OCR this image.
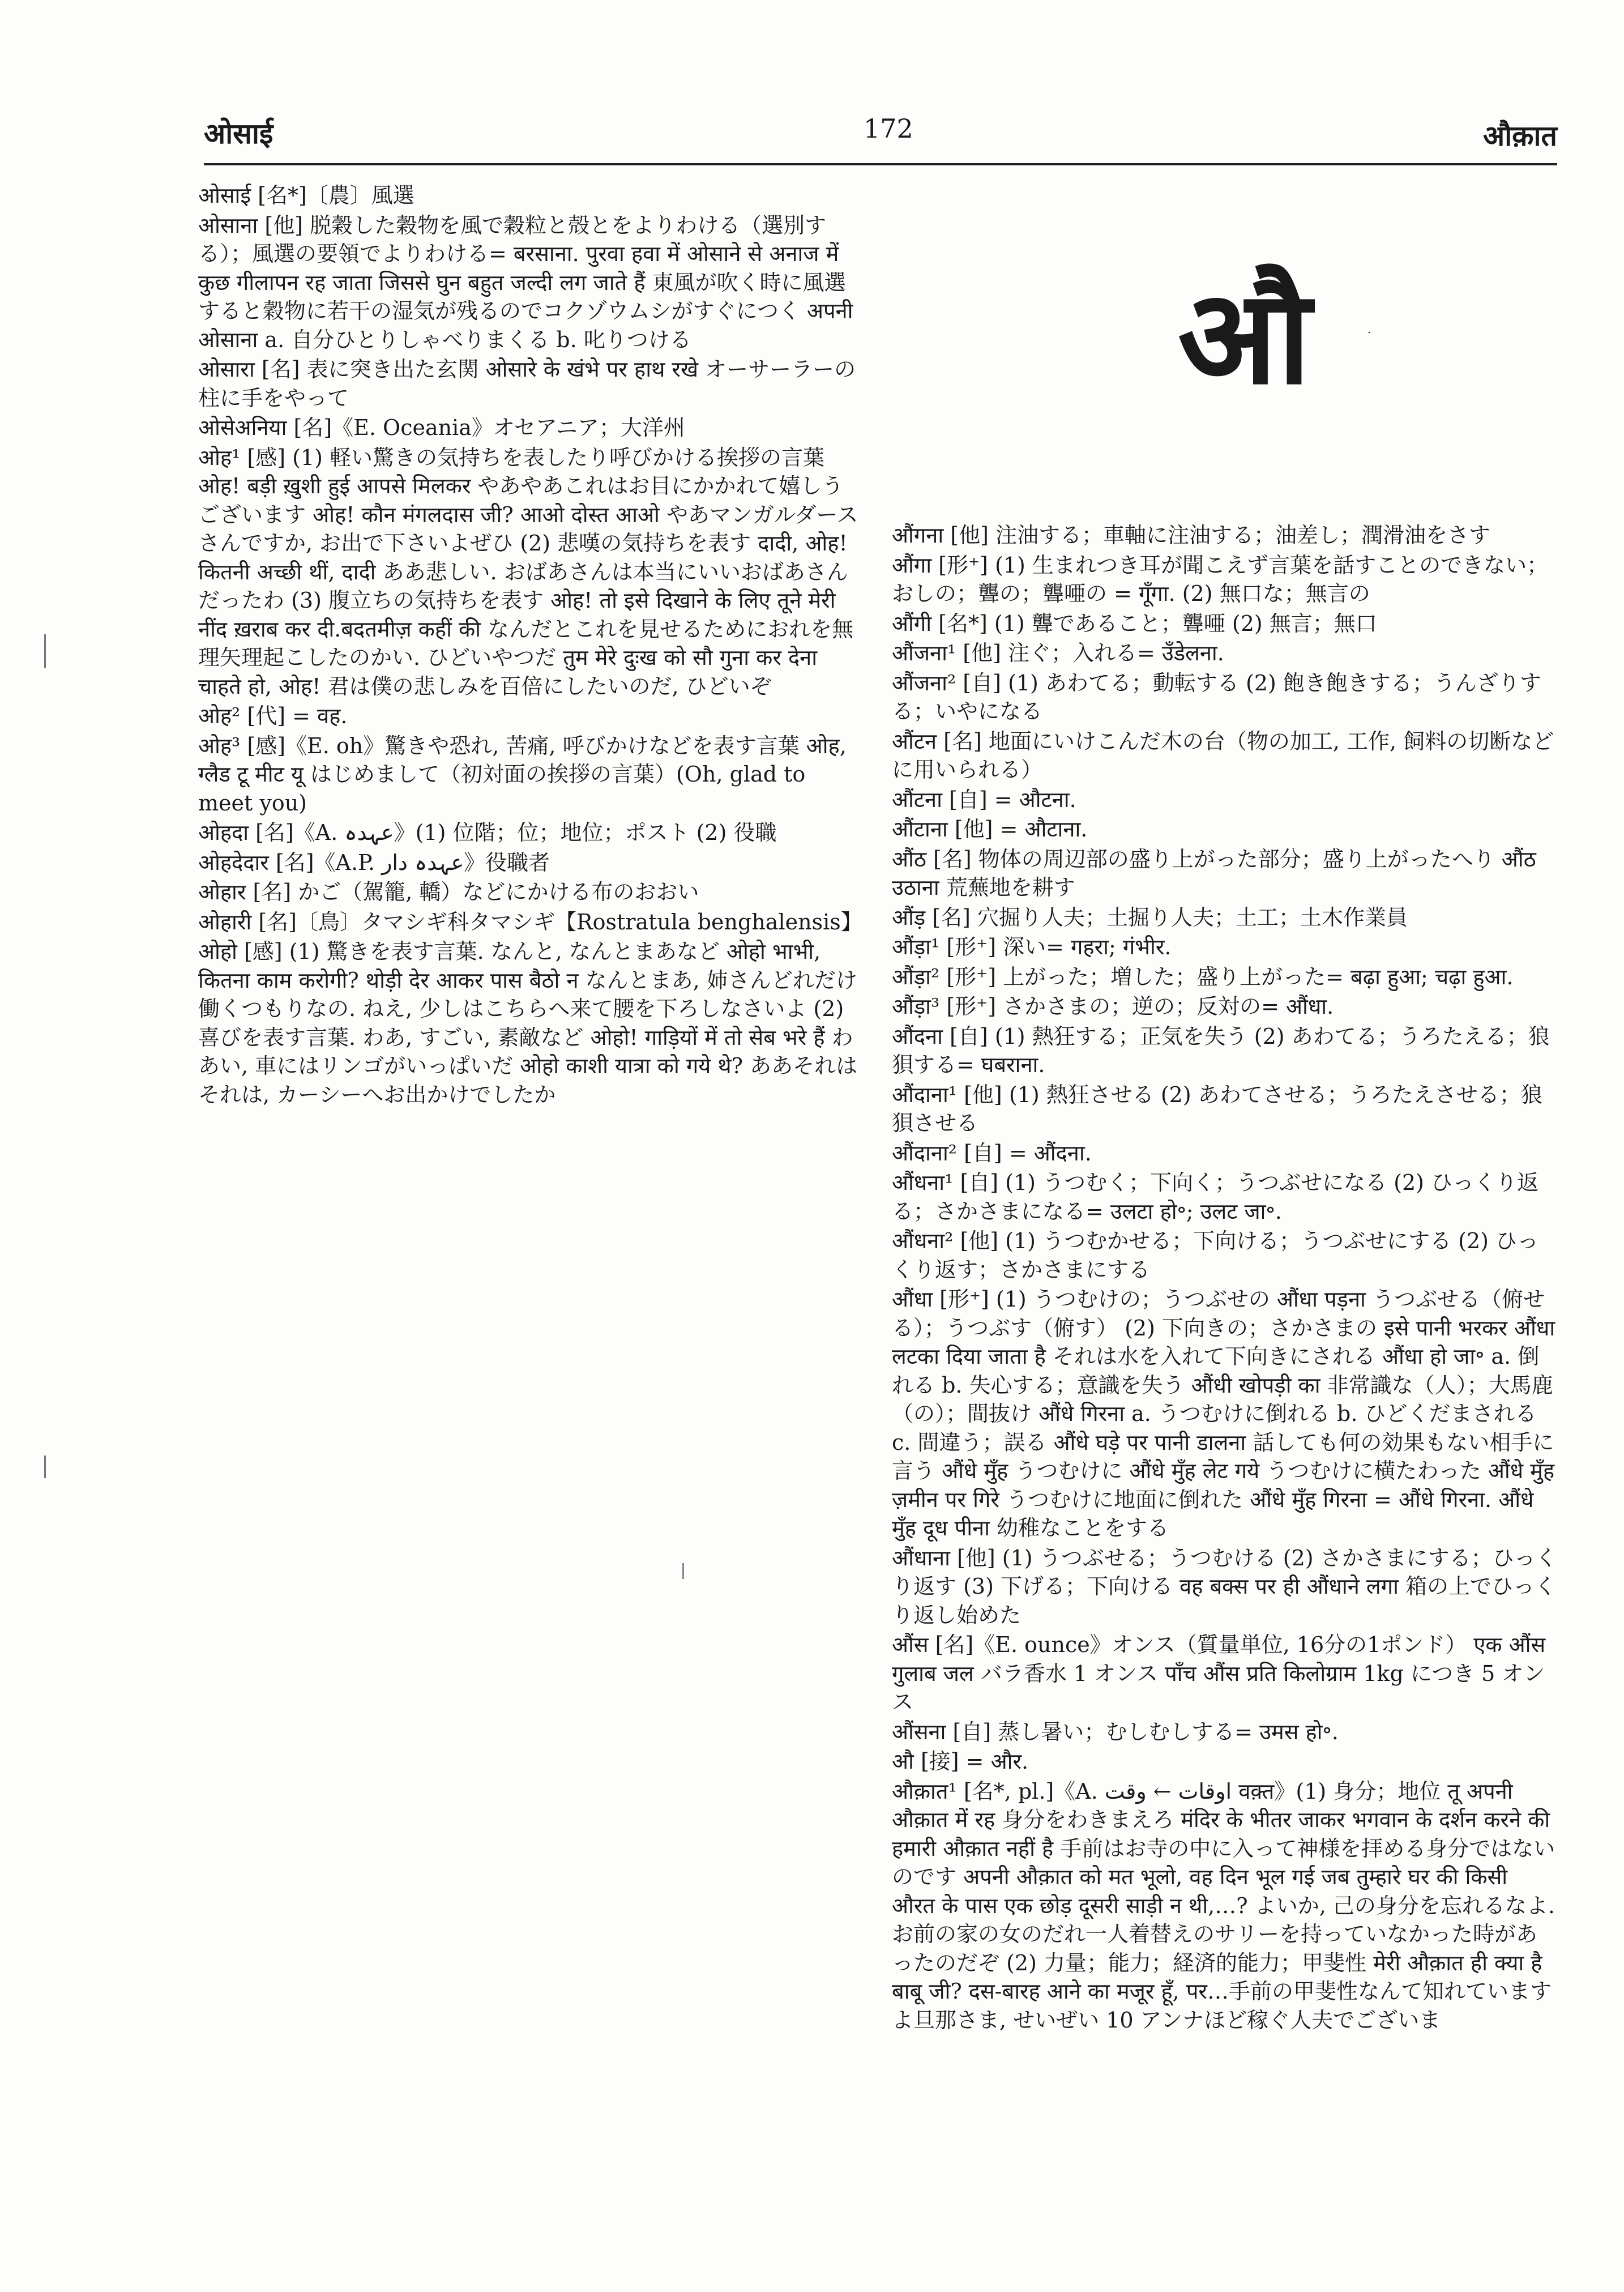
ओसाई	172	औक़ात

ओसाई [名*]〔農〕風選

ओसाना [他] 脱穀した穀物を風で穀粒と殻とをよりわける（選別する）；風選の要領でよりわける= बरसाना. पुरवा हवा में ओसाने से अनाज में कुछ गीलापन रह जाता जिससे घुन बहुत जल्दी लग जाते हैं 東風が吹く時に風選すると穀物に若干の湿気が残るのでコクゾウムシがすぐにつく अपनी ओसाना a. 自分ひとりしゃべりまくる b. 叱りつける

ओसारा [名] 表に突き出た玄関 ओसारे के खंभे पर हाथ रखे オーサーラーの柱に手をやって

ओसेअनिया [名]《E. Oceania》オセアニア；大洋州

ओह¹ [感] (1) 軽い驚きの気持ちを表したり呼びかける挨拶の言葉 ओह! बड़ी ख़ुशी हुई आपसे मिलकर やあやあこれはお目にかかれて嬉しうございます ओह! कौन मंगलदास जी? आओ दोस्त आओ やあマンガルダースさんですか, お出で下さいよぜひ (2) 悲嘆の気持ちを表す दादी, ओह! कितनी अच्छी थीं, दादी ああ悲しい. おばあさんは本当にいいおばあさんだったわ (3) 腹立ちの気持ちを表す ओह! तो इसे दिखाने के लिए तूने मेरी नींद ख़राब कर दी.बदतमीज़ कहीं की なんだとこれを見せるためにおれを無理矢理起こしたのかい. ひどいやつだ तुम मेरे दुःख को सौ गुना कर देना चाहते हो, ओह! 君は僕の悲しみを百倍にしたいのだ, ひどいぞ

ओह² [代] = वह.

ओह³ [感]《E. oh》驚きや恐れ, 苦痛, 呼びかけなどを表す言葉 ओह, ग्लैड टू मीट यू はじめまして（初対面の挨拶の言葉）(Oh, glad to meet you)

ओहदा [名]《A. عہدہ》(1) 位階；位；地位；ポスト (2) 役職

ओहदेदार [名]《A.P. عہدہ دار》役職者

ओहार [名] かご（駕籠, 轎）などにかける布のおおい

ओहारी [名]〔鳥〕タマシギ科タマシギ【Rostratula benghalensis】

ओहो [感] (1) 驚きを表す言葉. なんと, なんとまあなど ओहो भाभी, कितना काम करोगी? थोड़ी देर आकर पास बैठो न なんとまあ, 姉さんどれだけ働くつもりなの. ねえ, 少しはこちらへ来て腰を下ろしなさいよ (2) 喜びを表す言葉. わあ, すごい, 素敵など ओहो! गाड़ियों में तो सेब भरे हैं わあい, 車にはリンゴがいっぱいだ ओहो काशी यात्रा को गये थे? ああそれはそれは, カーシーへお出かけでしたか

औ	·

औंगना [他] 注油する；車軸に注油する；油差し；潤滑油をさす

औंगा [形⁺] (1) 生まれつき耳が聞こえず言葉を話すことのできない；おしの；聾の；聾唖の = गूँगा. (2) 無口な；無言の

औंगी [名*] (1) 聾であること；聾唖 (2) 無言；無口

औंजना¹ [他] 注ぐ；入れる= उँडेलना.

औंजना² [自] (1) あわてる；動転する (2) 飽き飽きする；うんざりする；いやになる

औंटन [名] 地面にいけこんだ木の台（物の加工, 工作, 飼料の切断などに用いられる）

औंटना [自] = औटना.

औंटाना [他] = औटाना.

औंठ [名] 物体の周辺部の盛り上がった部分；盛り上がったへり औंठ उठाना 荒蕪地を耕す

औंड़ [名] 穴掘り人夫；土掘り人夫；土工；土木作業員

औंड़ा¹ [形⁺] 深い= गहरा; गंभीर.

औंड़ा² [形⁺] 上がった；増した；盛り上がった= बढ़ा हुआ; चढ़ा हुआ.

औंड़ा³ [形⁺] さかさまの；逆の；反対の= औंधा.

औंदना [自] (1) 熱狂する；正気を失う (2) あわてる；うろたえる；狼狽する= घबराना.

औंदाना¹ [他] (1) 熱狂させる (2) あわてさせる；うろたえさせる；狼狽させる

औंदाना² [自] = औंदना.

औंधना¹ [自] (1) うつむく；下向く；うつぶせになる (2) ひっくり返る；さかさまになる= उलटा हो॰; उलट जा॰.

औंधना² [他] (1) うつむかせる；下向ける；うつぶせにする (2) ひっくり返す；さかさまにする

औंधा [形⁺] (1) うつむけの；うつぶせの औंधा पड़ना うつぶせる（俯せる）；うつぶす（俯す） (2) 下向きの；さかさまの इसे पानी भरकर औंधा लटका दिया जाता है それは水を入れて下向きにされる औंधा हो जा॰ a. 倒れる b. 失心する；意識を失う औंधी खोपड़ी का 非常識な（人）；大馬鹿（の）；間抜け औंधे गिरना a. うつむけに倒れる b. ひどくだまされる c. 間違う；誤る औंधे घड़े पर पानी डालना 話しても何の効果もない相手に言う औंधे मुँह うつむけに औंधे मुँह लेट गये うつむけに横たわった औंधे मुँह ज़मीन पर गिरे うつむけに地面に倒れた औंधे मुँह गिरना = औंधे गिरना. औंधे मुँह दूध पीना 幼稚なことをする

औंधाना [他] (1) うつぶせる；うつむける (2) さかさまにする；ひっくり返す (3) 下げる；下向ける वह बक्स पर ही औंधाने लगा 箱の上でひっくり返し始めた

औंस [名]《E. ounce》オンス（質量単位, 16分の1ポンド） एक औंस गुलाब जल バラ香水 1 オンス पाँच औंस प्रति किलोग्राम 1kg につき 5 オンス

औंसना [自] 蒸し暑い；むしむしする= उमस हो॰.

औ [接] = और.

औक़ात¹ [名*, pl.]《A. اوقات ← وقت वक़्त》(1) 身分；地位 तू अपनी औक़ात में रह 身分をわきまえろ मंदिर के भीतर जाकर भगवान के दर्शन करने की हमारी औक़ात नहीं है 手前はお寺の中に入って神様を拝める身分ではないのです अपनी औक़ात को मत भूलो, वह दिन भूल गई जब तुम्हारे घर की किसी औरत के पास एक छोड़ दूसरी साड़ी न थी,…? よいか, 己の身分を忘れるなよ. お前の家の女のだれ一人着替えのサリーを持っていなかった時があったのだぞ (2) 力量；能力；経済的能力；甲斐性 मेरी औक़ात ही क्या है बाबू जी? दस-बारह आने का मजूर हूँ, पर…手前の甲斐性なんて知れていますよ旦那さま, せいぜい 10 アンナほど稼ぐ人夫でございま
